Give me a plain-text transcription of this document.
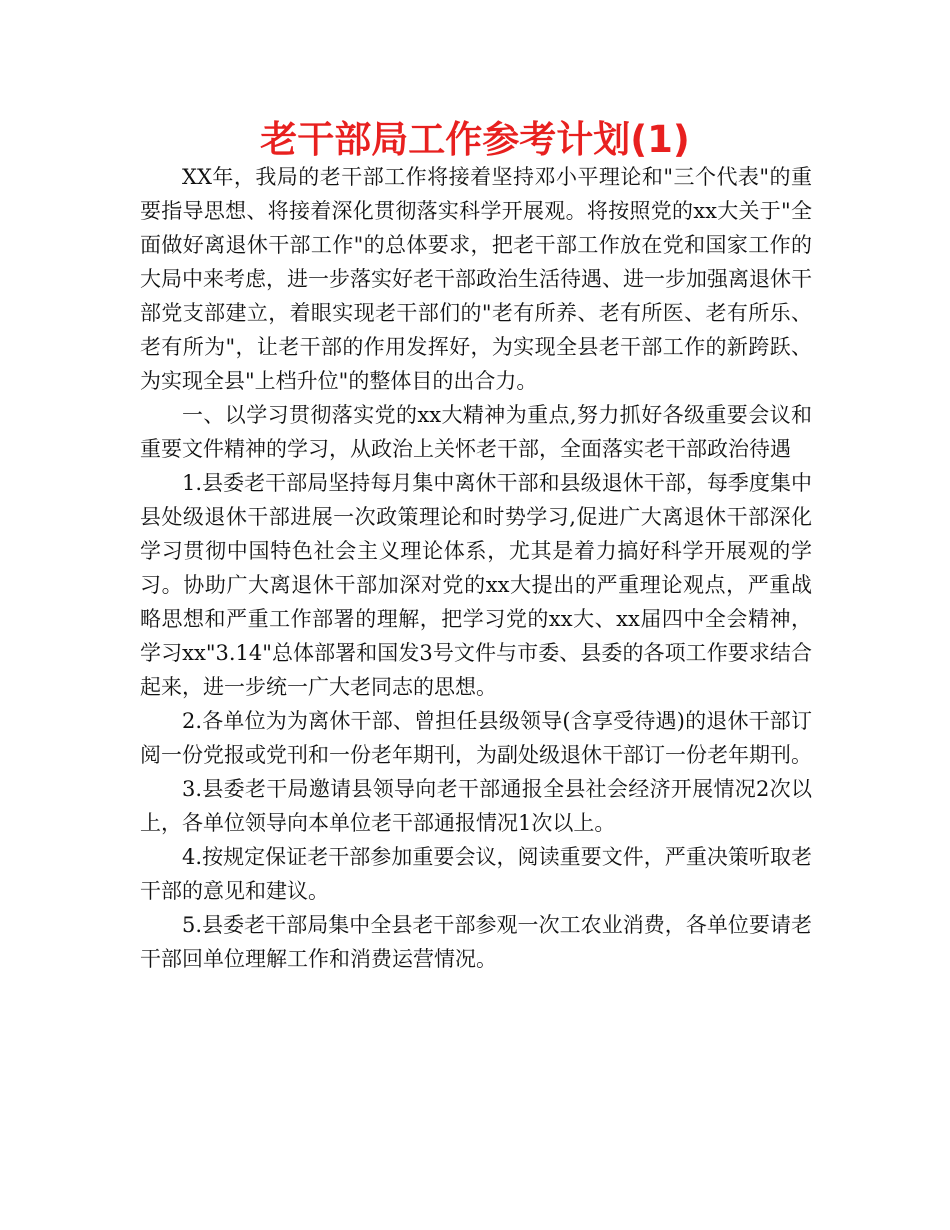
老干部局工作参考计划(1)

XX年，我局的老干部工作将接着坚持邓小平理论和"三个代表"的重要指导思想、将接着深化贯彻落实科学开展观。将按照党的xx大关于"全面做好离退休干部工作"的总体要求，把老干部工作放在党和国家工作的大局中来考虑，进一步落实好老干部政治生活待遇、进一步加强离退休干部党支部建立，着眼实现老干部们的"老有所养、老有所医、老有所乐、老有所为"，让老干部的作用发挥好，为实现全县老干部工作的新跨跃、为实现全县"上档升位"的整体目的出合力。

一、以学习贯彻落实党的xx大精神为重点,努力抓好各级重要会议和重要文件精神的学习，从政治上关怀老干部，全面落实老干部政治待遇

1.县委老干部局坚持每月集中离休干部和县级退休干部，每季度集中县处级退休干部进展一次政策理论和时势学习,促进广大离退休干部深化学习贯彻中国特色社会主义理论体系，尤其是着力搞好科学开展观的学习。协助广大离退休干部加深对党的xx大提出的严重理论观点，严重战略思想和严重工作部署的理解，把学习党的xx大、xx届四中全会精神，学习xx"3.14"总体部署和国发3号文件与市委、县委的各项工作要求结合起来，进一步统一广大老同志的思想。

2.各单位为为离休干部、曾担任县级领导(含享受待遇)的退休干部订阅一份党报或党刊和一份老年期刊，为副处级退休干部订一份老年期刊。

3.县委老干局邀请县领导向老干部通报全县社会经济开展情况2次以上，各单位领导向本单位老干部通报情况1次以上。

4.按规定保证老干部参加重要会议，阅读重要文件，严重决策听取老干部的意见和建议。

5.县委老干部局集中全县老干部参观一次工农业消费，各单位要请老干部回单位理解工作和消费运营情况。
